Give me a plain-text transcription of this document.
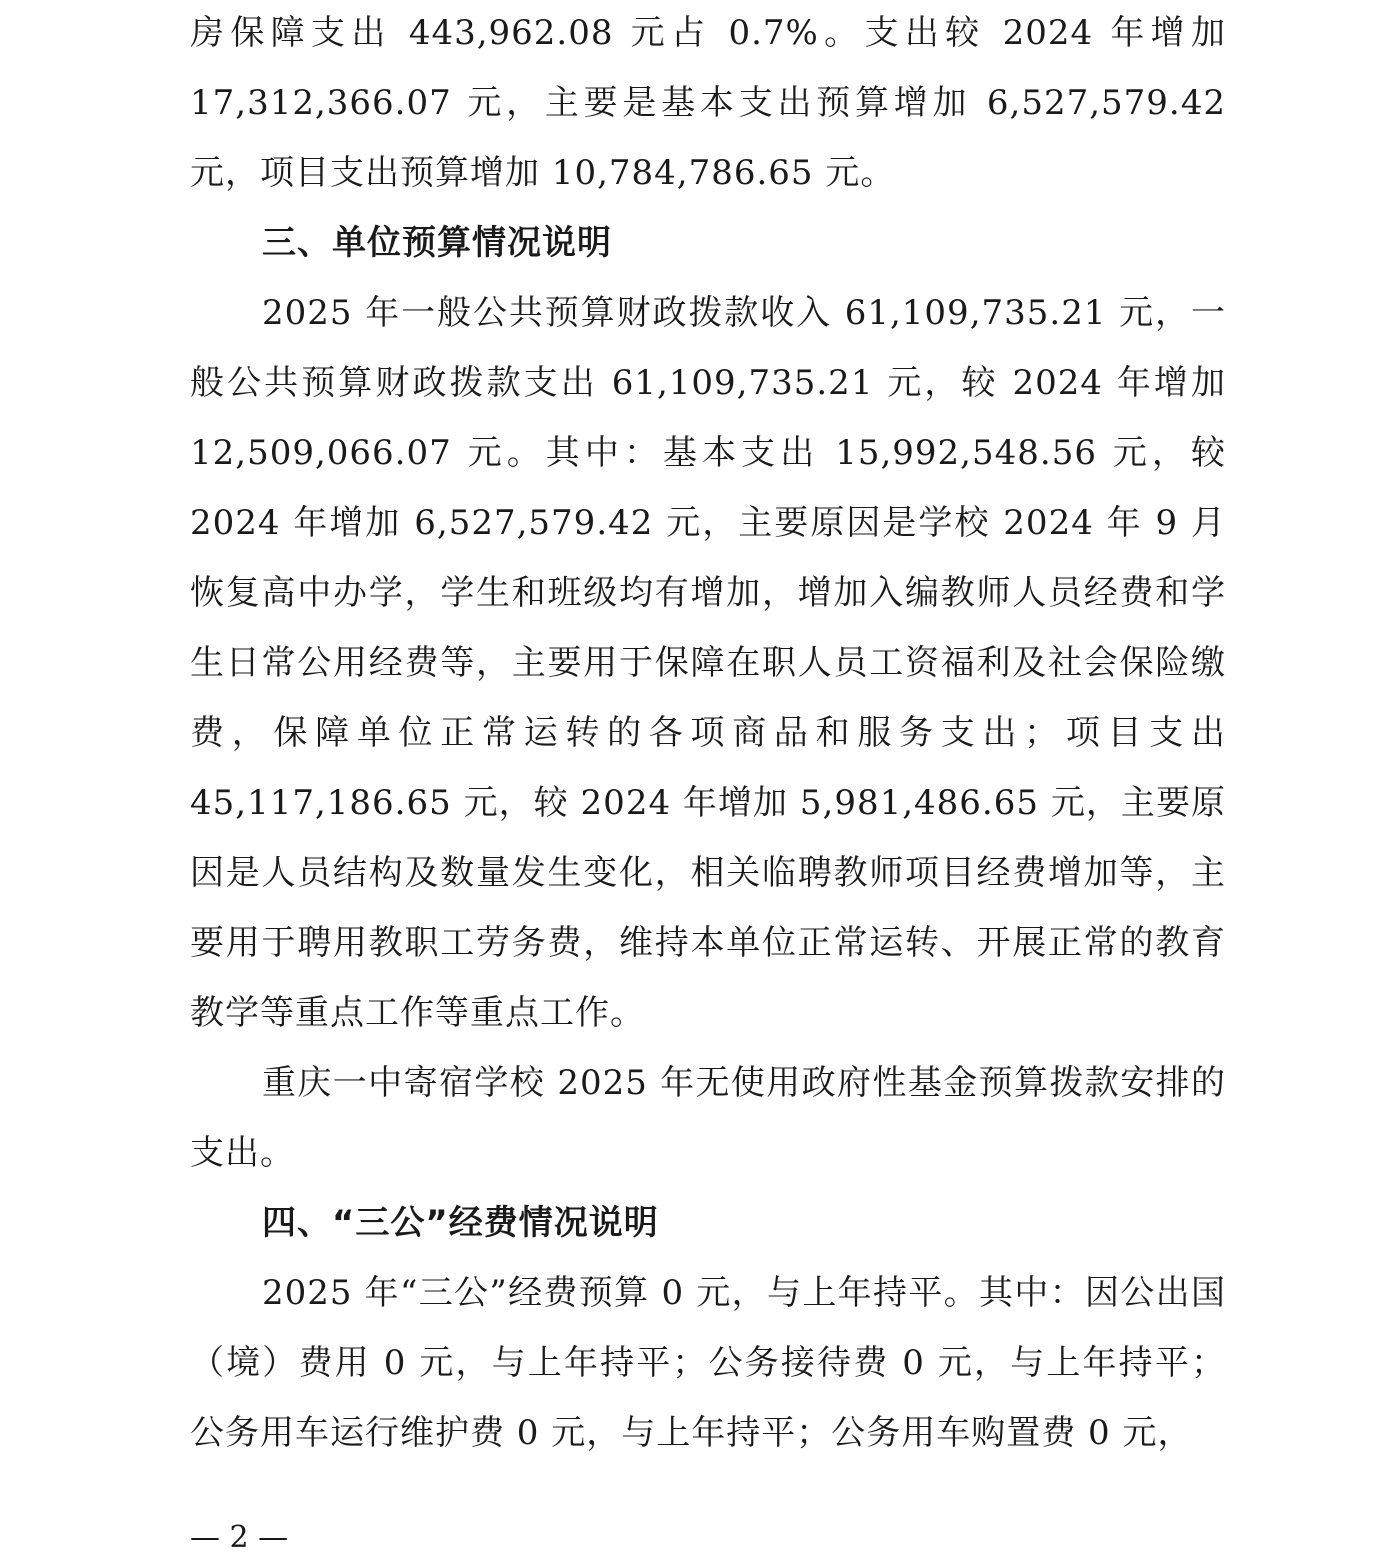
房保障支出 443,962.08 元占 0.7%。支出较 2024 年增加 17,312,366.07 元，主要是基本支出预算增加 6,527,579.42 元，项目支出预算增加 10,784,786.65 元。

三、单位预算情况说明

2025 年一般公共预算财政拨款收入 61,109,735.21 元，一般公共预算财政拨款支出 61,109,735.21 元，较 2024 年增加 12,509,066.07 元。其中：基本支出 15,992,548.56 元，较 2024 年增加 6,527,579.42 元，主要原因是学校 2024 年 9 月恢复高中办学，学生和班级均有增加，增加入编教师人员经费和学生日常公用经费等，主要用于保障在职人员工资福利及社会保险缴费，保障单位正常运转的各项商品和服务支出；项目支出 45,117,186.65 元，较 2024 年增加 5,981,486.65 元，主要原因是人员结构及数量发生变化，相关临聘教师项目经费增加等，主要用于聘用教职工劳务费，维持本单位正常运转、开展正常的教育教学等重点工作等重点工作。

重庆一中寄宿学校 2025 年无使用政府性基金预算拨款安排的支出。

四、“三公”经费情况说明

2025 年“三公”经费预算 0 元，与上年持平。其中：因公出国（境）费用 0 元，与上年持平；公务接待费 0 元，与上年持平；公务用车运行维护费 0 元，与上年持平；公务用车购置费 0 元，

— 2 —
